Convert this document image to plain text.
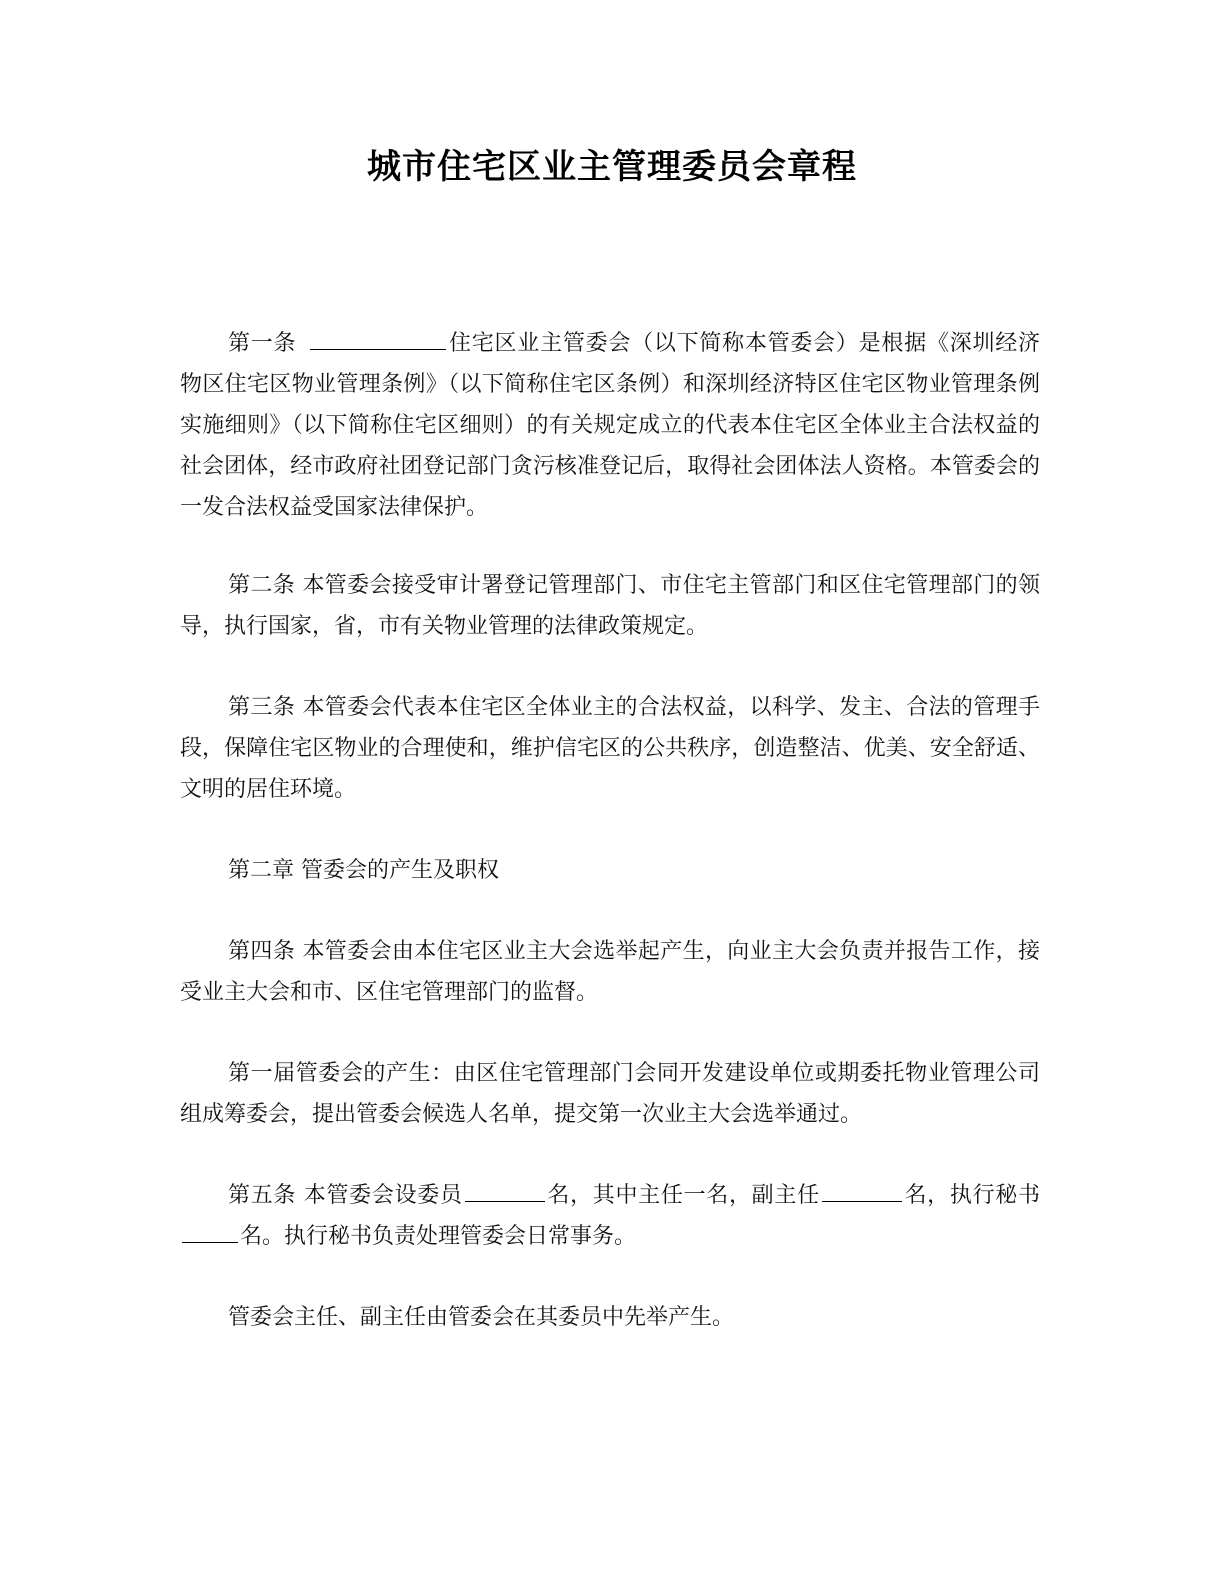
城市住宅区业主管理委员会章程

第一条	住宅区业主管委会（以下简称本管委会）是根据《深圳经济物区住宅区物业管理条例》（以下简称住宅区条例）和深圳经济特区住宅区物业管理条例实施细则》（以下简称住宅区细则）的有关规定成立的代表本住宅区全体业主合法权益的社会团体，经市政府社团登记部门贪污核准登记后，取得社会团体法人资格。本管委会的一发合法权益受国家法律保护。

第二条 本管委会接受审计署登记管理部门、市住宅主管部门和区住宅管理部门的领导，执行国家，省，市有关物业管理的法律政策规定。

第三条 本管委会代表本住宅区全体业主的合法权益，以科学、发主、合法的管理手段，保障住宅区物业的合理使和，维护信宅区的公共秩序，创造整洁、优美、安全舒适、文明的居住环境。

第二章 管委会的产生及职权

第四条 本管委会由本住宅区业主大会选举起产生，向业主大会负责并报告工作，接受业主大会和市、区住宅管理部门的监督。

第一届管委会的产生：由区住宅管理部门会同开发建设单位或期委托物业管理公司组成筹委会，提出管委会候选人名单，提交第一次业主大会选举通过。

第五条 本管委会设委员	名，其中主任一名，副主任	名，执行秘书名。执行秘书负责处理管委会日常事务。

管委会主任、副主任由管委会在其委员中先举产生。
